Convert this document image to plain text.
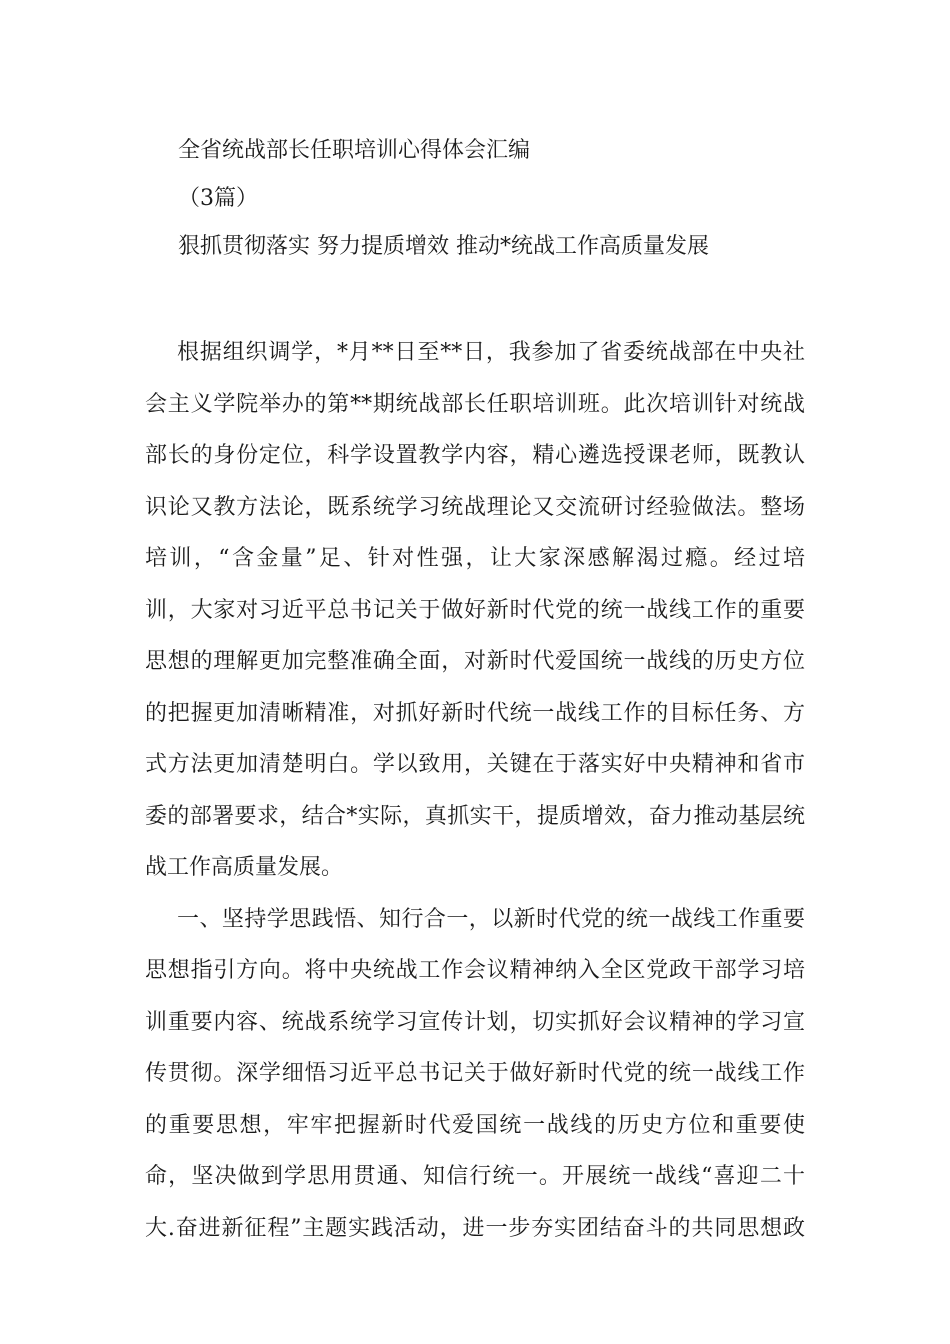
全省统战部长任职培训心得体会汇编
（3篇）
狠抓贯彻落实 努力提质增效 推动*统战工作高质量发展

根据组织调学，*月**日至**日，我参加了省委统战部在中央社
会主义学院举办的第**期统战部长任职培训班。此次培训针对统战
部长的身份定位，科学设置教学内容，精心遴选授课老师，既教认
识论又教方法论，既系统学习统战理论又交流研讨经验做法。整场
培训，“含金量”足、针对性强，让大家深感解渴过瘾。经过培
训，大家对习近平总书记关于做好新时代党的统一战线工作的重要
思想的理解更加完整准确全面，对新时代爱国统一战线的历史方位
的把握更加清晰精准，对抓好新时代统一战线工作的目标任务、方
式方法更加清楚明白。学以致用，关键在于落实好中央精神和省市
委的部署要求，结合*实际，真抓实干，提质增效，奋力推动基层统
战工作高质量发展。

一、坚持学思践悟、知行合一，以新时代党的统一战线工作重要
思想指引方向。将中央统战工作会议精神纳入全区党政干部学习培
训重要内容、统战系统学习宣传计划，切实抓好会议精神的学习宣
传贯彻。深学细悟习近平总书记关于做好新时代党的统一战线工作
的重要思想，牢牢把握新时代爱国统一战线的历史方位和重要使
命，坚决做到学思用贯通、知信行统一。开展统一战线“喜迎二十
大.奋进新征程”主题实践活动，进一步夯实团结奋斗的共同思想政
